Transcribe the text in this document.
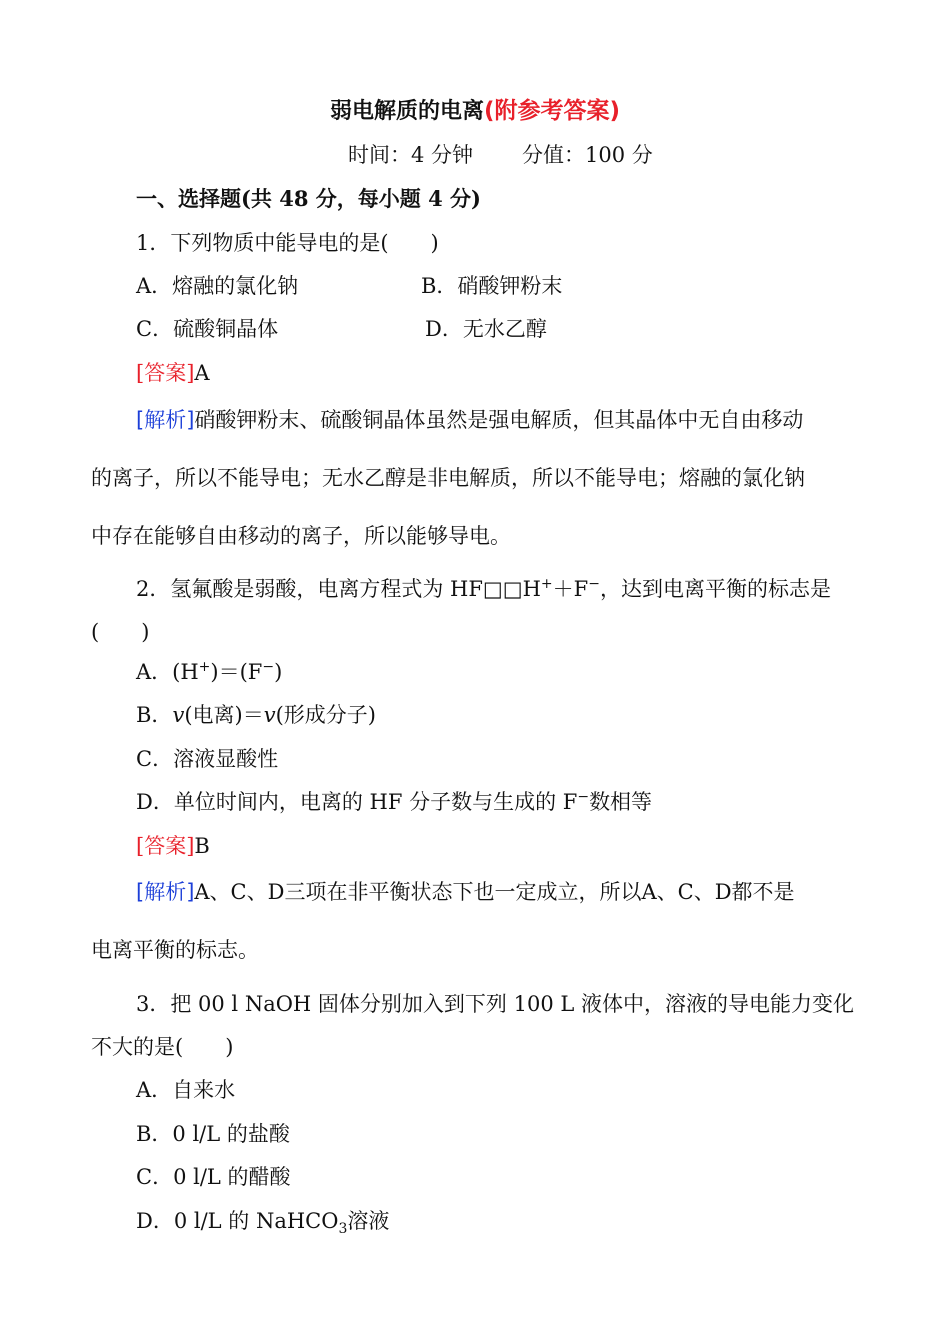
弱电解质的电离(附参考答案)
时间：4 分钟 分值：100 分
一、选择题(共 48 分，每小题 4 分)
1．下列物质中能导电的是(　　)
A．熔融的氯化钠	B．硝酸钾粉末
C．硫酸铜晶体	D．无水乙醇
[答案]A
[解析]硝酸钾粉末、硫酸铜晶体虽然是强电解质，但其晶体中无自由移动
的离子，所以不能导电；无水乙醇是非电解质，所以不能导电；熔融的氯化钠
中存在能够自由移动的离子，所以能够导电。
2．氢氟酸是弱酸，电离方程式为 HF□□H+＋F−，达到电离平衡的标志是
(　　)
A．(H+)＝(F−)
B．v(电离)＝v(形成分子)
C．溶液显酸性
D．单位时间内，电离的 HF 分子数与生成的 F−数相等
[答案]B
[解析]A、C、D三项在非平衡状态下也一定成立，所以A、C、D都不是
电离平衡的标志。
3．把 00 l NaOH 固体分别加入到下列 100 L 液体中，溶液的导电能力变化
不大的是(　　)
A．自来水
B．0 l/L 的盐酸
C．0 l/L 的醋酸
D．0 l/L 的 NaHCO$_3$溶液
